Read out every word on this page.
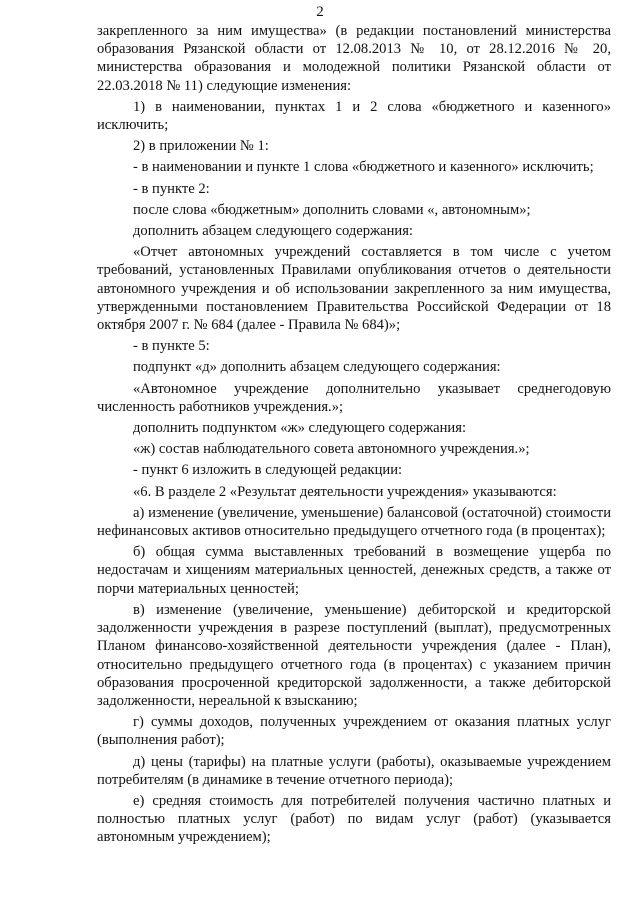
2

закрепленного за ним имущества» (в редакции постановлений министерства образования Рязанской области от 12.08.2013 № 10, от 28.12.2016 № 20, министерства образования и молодежной политики Рязанской области от 22.03.2018 № 11) следующие изменения:

1) в наименовании, пунктах 1 и 2 слова «бюджетного и казенного» исключить;

2) в приложении № 1:

- в наименовании и пункте 1 слова «бюджетного и казенного» исключить;

- в пункте 2:

после слова «бюджетным» дополнить словами «, автономным»;

дополнить абзацем следующего содержания:

«Отчет автономных учреждений составляется в том числе с учетом требований, установленных Правилами опубликования отчетов о деятельности автономного учреждения и об использовании закрепленного за ним имущества, утвержденными постановлением Правительства Российской Федерации от 18 октября 2007 г. № 684 (далее - Правила № 684)»;

- в пункте 5:

подпункт «д» дополнить абзацем следующего содержания:

«Автономное учреждение дополнительно указывает среднегодовую численность работников учреждения.»;

дополнить подпунктом «ж» следующего содержания:

«ж) состав наблюдательного совета автономного учреждения.»;

- пункт 6 изложить в следующей редакции:

«6. В разделе 2 «Результат деятельности учреждения» указываются:

а) изменение (увеличение, уменьшение) балансовой (остаточной) стоимости нефинансовых активов относительно предыдущего отчетного года (в процентах);

б) общая сумма выставленных требований в возмещение ущерба по недостачам и хищениям материальных ценностей, денежных средств, а также от порчи материальных ценностей;

в) изменение (увеличение, уменьшение) дебиторской и кредиторской задолженности учреждения в разрезе поступлений (выплат), предусмотренных Планом финансово-хозяйственной деятельности учреждения (далее - План), относительно предыдущего отчетного года (в процентах) с указанием причин образования просроченной кредиторской задолженности, а также дебиторской задолженности, нереальной к взысканию;

г) суммы доходов, полученных учреждением от оказания платных услуг (выполнения работ);

д) цены (тарифы) на платные услуги (работы), оказываемые учреждением потребителям (в динамике в течение отчетного периода);

е) средняя стоимость для потребителей получения частично платных и полностью платных услуг (работ) по видам услуг (работ) (указывается автономным учреждением);
